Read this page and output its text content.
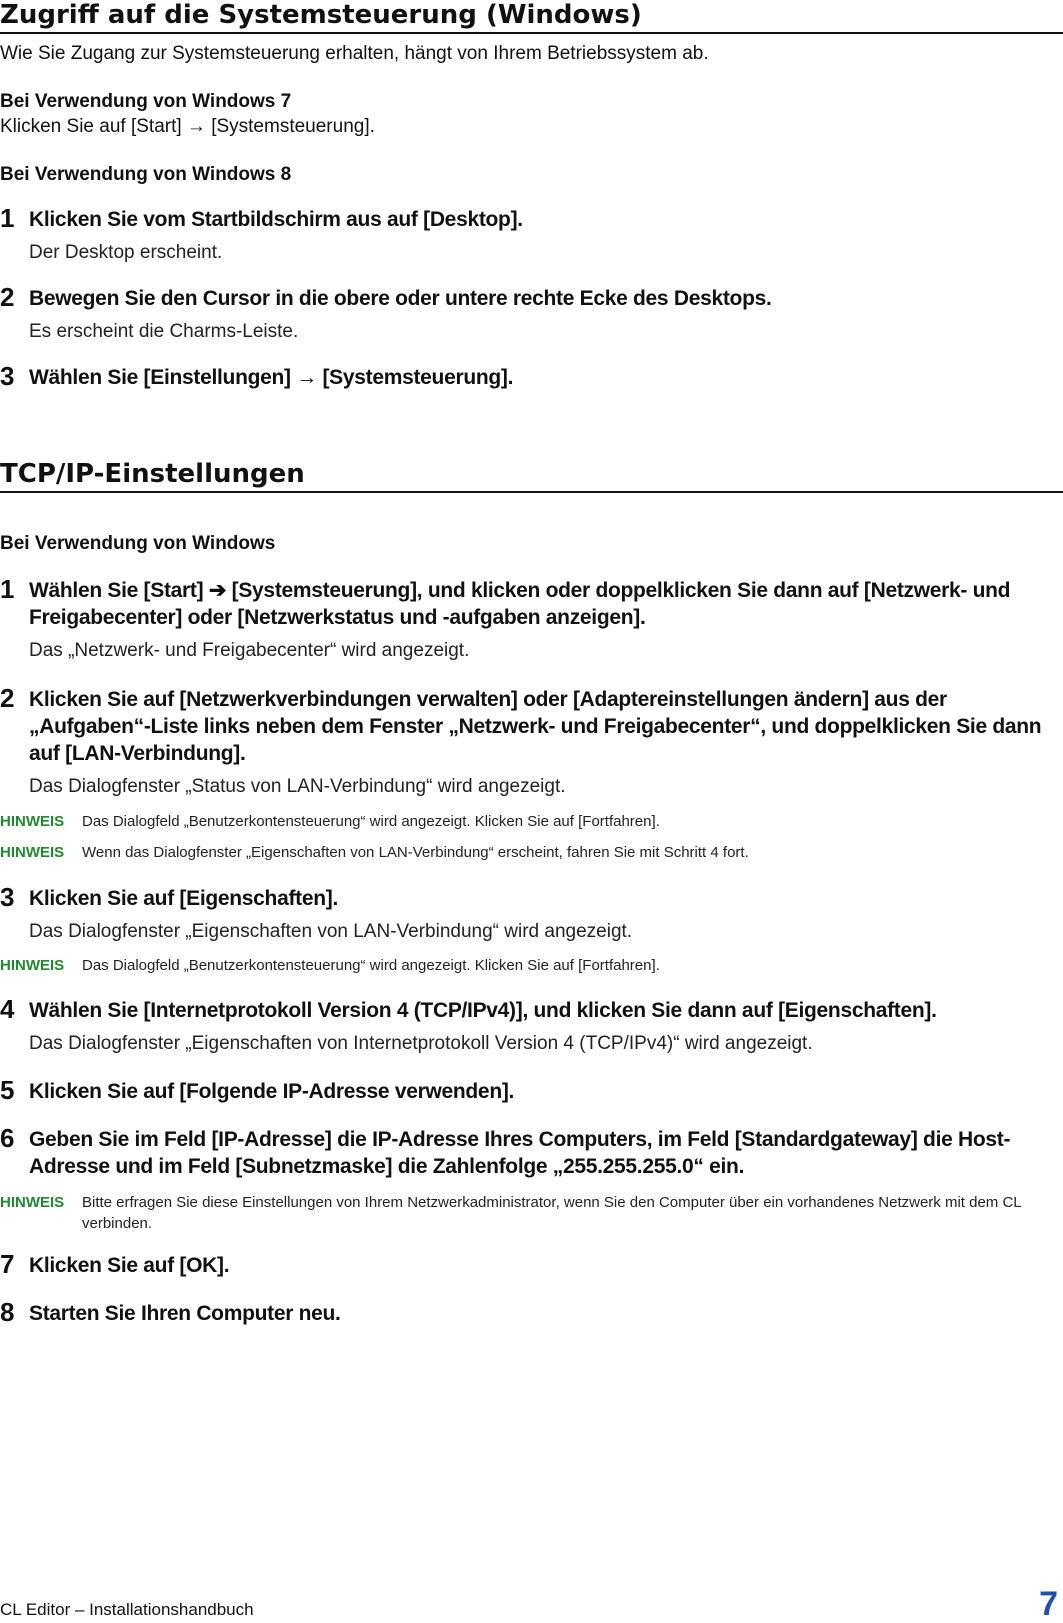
Zugriff auf die Systemsteuerung (Windows)
Wie Sie Zugang zur Systemsteuerung erhalten, hängt von Ihrem Betriebssystem ab.
Bei Verwendung von Windows 7
Klicken Sie auf [Start] → [Systemsteuerung].
Bei Verwendung von Windows 8
1 Klicken Sie vom Startbildschirm aus auf [Desktop].
Der Desktop erscheint.
2 Bewegen Sie den Cursor in die obere oder untere rechte Ecke des Desktops.
Es erscheint die Charms-Leiste.
3 Wählen Sie [Einstellungen] → [Systemsteuerung].
TCP/IP-Einstellungen
Bei Verwendung von Windows
1 Wählen Sie [Start] ➔ [Systemsteuerung], und klicken oder doppelklicken Sie dann auf [Netzwerk- und Freigabecenter] oder [Netzwerkstatus und -aufgaben anzeigen].
Das „Netzwerk- und Freigabecenter“ wird angezeigt.
2 Klicken Sie auf [Netzwerkverbindungen verwalten] oder [Adaptereinstellungen ändern] aus der „Aufgaben“-Liste links neben dem Fenster „Netzwerk- und Freigabecenter“, und doppelklicken Sie dann auf [LAN-Verbindung].
Das Dialogfenster „Status von LAN-Verbindung“ wird angezeigt.
HINWEIS Das Dialogfeld „Benutzerkontensteuerung“ wird angezeigt. Klicken Sie auf [Fortfahren].
HINWEIS Wenn das Dialogfenster „Eigenschaften von LAN-Verbindung“ erscheint, fahren Sie mit Schritt 4 fort.
3 Klicken Sie auf [Eigenschaften].
Das Dialogfenster „Eigenschaften von LAN-Verbindung“ wird angezeigt.
HINWEIS Das Dialogfeld „Benutzerkontensteuerung“ wird angezeigt. Klicken Sie auf [Fortfahren].
4 Wählen Sie [Internetprotokoll Version 4 (TCP/IPv4)], und klicken Sie dann auf [Eigenschaften].
Das Dialogfenster „Eigenschaften von Internetprotokoll Version 4 (TCP/IPv4)“ wird angezeigt.
5 Klicken Sie auf [Folgende IP-Adresse verwenden].
6 Geben Sie im Feld [IP-Adresse] die IP-Adresse Ihres Computers, im Feld [Standardgateway] die Host-Adresse und im Feld [Subnetzmaske] die Zahlenfolge „255.255.255.0“ ein.
HINWEIS Bitte erfragen Sie diese Einstellungen von Ihrem Netzwerkadministrator, wenn Sie den Computer über ein vorhandenes Netzwerk mit dem CL verbinden.
7 Klicken Sie auf [OK].
8 Starten Sie Ihren Computer neu.
CL Editor – Installationshandbuch	7
